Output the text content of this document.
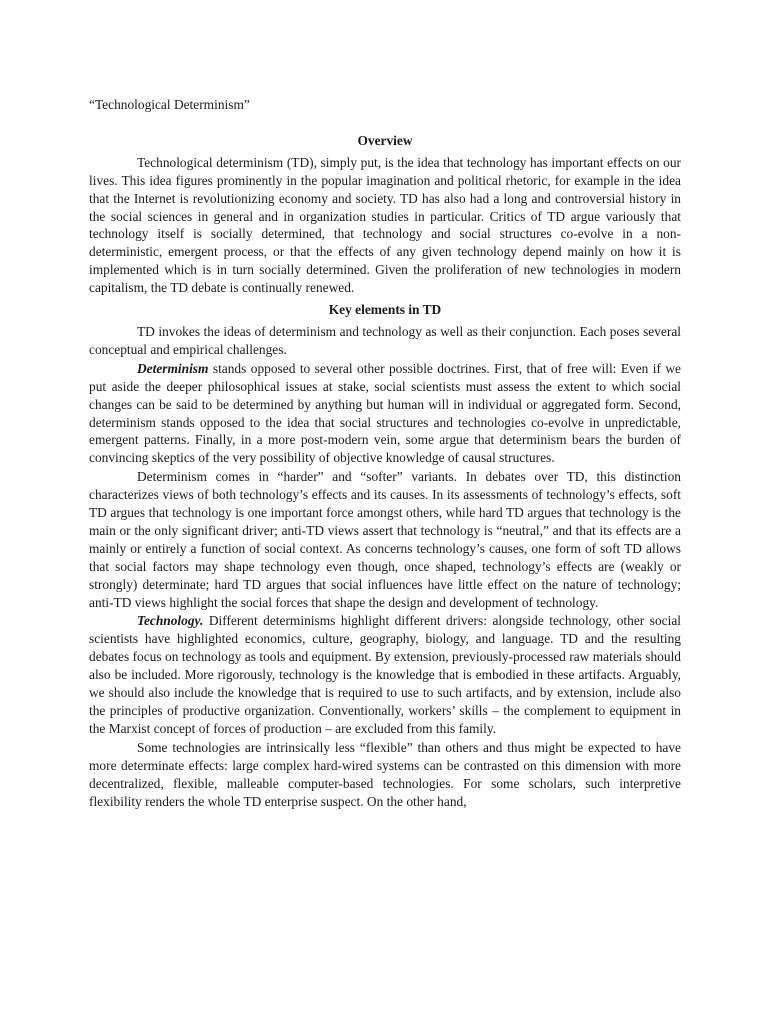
“Technological Determinism”

Overview

Technological determinism (TD), simply put, is the idea that technology has important effects on our lives. This idea figures prominently in the popular imagination and political rhetoric, for example in the idea that the Internet is revolutionizing economy and society. TD has also had a long and controversial history in the social sciences in general and in organization studies in particular. Critics of TD argue variously that technology itself is socially determined, that technology and social structures co-evolve in a non-deterministic, emergent process, or that the effects of any given technology depend mainly on how it is implemented which is in turn socially determined. Given the proliferation of new technologies in modern capitalism, the TD debate is continually renewed.

Key elements in TD

TD invokes the ideas of determinism and technology as well as their conjunction. Each poses several conceptual and empirical challenges.

Determinism stands opposed to several other possible doctrines. First, that of free will: Even if we put aside the deeper philosophical issues at stake, social scientists must assess the extent to which social changes can be said to be determined by anything but human will in individual or aggregated form. Second, determinism stands opposed to the idea that social structures and technologies co-evolve in unpredictable, emergent patterns. Finally, in a more post-modern vein, some argue that determinism bears the burden of convincing skeptics of the very possibility of objective knowledge of causal structures.

Determinism comes in “harder” and “softer” variants. In debates over TD, this distinction characterizes views of both technology’s effects and its causes. In its assessments of technology’s effects, soft TD argues that technology is one important force amongst others, while hard TD argues that technology is the main or the only significant driver; anti-TD views assert that technology is “neutral,” and that its effects are a mainly or entirely a function of social context. As concerns technology’s causes, one form of soft TD allows that social factors may shape technology even though, once shaped, technology’s effects are (weakly or strongly) determinate; hard TD argues that social influences have little effect on the nature of technology; anti-TD views highlight the social forces that shape the design and development of technology.

Technology. Different determinisms highlight different drivers: alongside technology, other social scientists have highlighted economics, culture, geography, biology, and language. TD and the resulting debates focus on technology as tools and equipment. By extension, previously-processed raw materials should also be included. More rigorously, technology is the knowledge that is embodied in these artifacts. Arguably, we should also include the knowledge that is required to use to such artifacts, and by extension, include also the principles of productive organization. Conventionally, workers’ skills – the complement to equipment in the Marxist concept of forces of production – are excluded from this family.

Some technologies are intrinsically less “flexible” than others and thus might be expected to have more determinate effects: large complex hard-wired systems can be contrasted on this dimension with more decentralized, flexible, malleable computer-based technologies. For some scholars, such interpretive flexibility renders the whole TD enterprise suspect. On the other hand,
